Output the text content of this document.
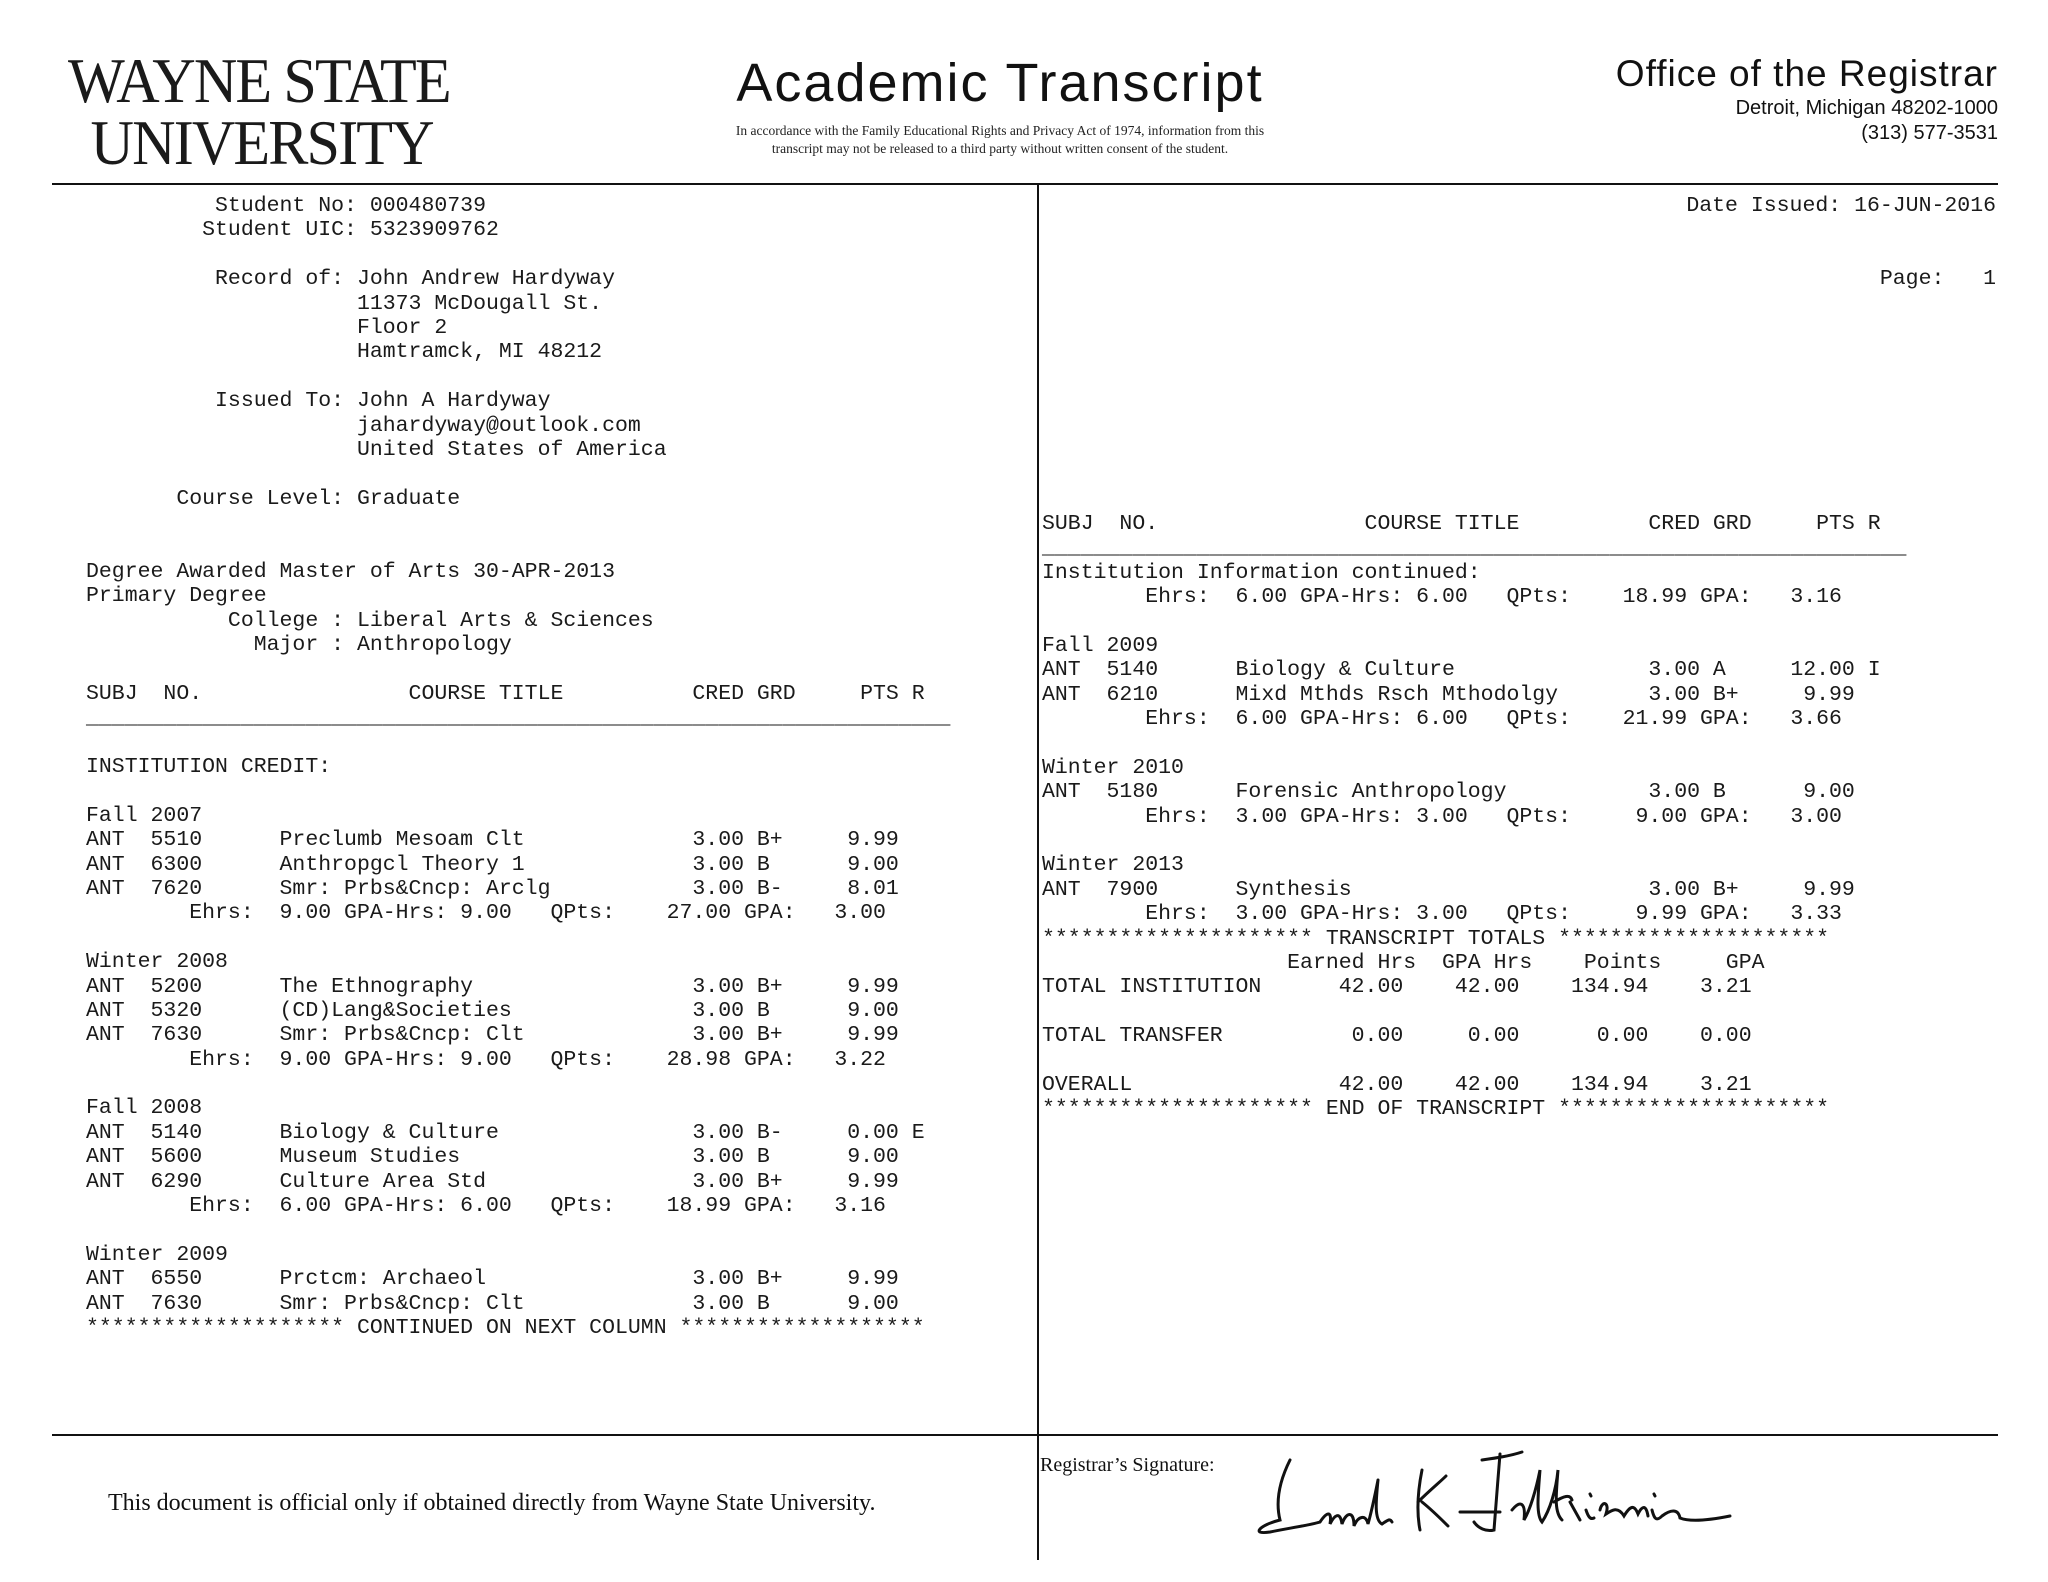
WAYNE STATE
UNIVERSITY
Academic Transcript
In accordance with the Family Educational Rights and Privacy Act of 1974, information from this
transcript may not be released to a third party without written consent of the student.
Office of the Registrar
Detroit, Michigan 48202-1000
(313) 577-3531
Student No: 000480739
Student UIC: 5323909762
Record of: John Andrew Hardyway
11373 McDougall St.
Floor 2
Hamtramck, MI 48212
Issued To: John A Hardyway
jahardyway@outlook.com
United States of America
Course Level: Graduate
Degree Awarded Master of Arts 30-APR-2013
Primary Degree
College : Liberal Arts & Sciences
Major : Anthropology
SUBJ  NO.                COURSE TITLE          CRED GRD     PTS R
___________________________________________________________________
INSTITUTION CREDIT:
Fall 2007
ANT  5510      Preclumb Mesoam Clt             3.00 B+     9.99
ANT  6300      Anthropgcl Theory 1             3.00 B      9.00
ANT  7620      Smr: Prbs&Cncp: Arclg           3.00 B-     8.01
Ehrs:  9.00 GPA-Hrs: 9.00   QPts:    27.00 GPA:   3.00
Winter 2008
ANT  5200      The Ethnography                 3.00 B+     9.99
ANT  5320      (CD)Lang&Societies              3.00 B      9.00
ANT  7630      Smr: Prbs&Cncp: Clt             3.00 B+     9.99
Ehrs:  9.00 GPA-Hrs: 9.00   QPts:    28.98 GPA:   3.22
Fall 2008
ANT  5140      Biology & Culture               3.00 B-     0.00 E
ANT  5600      Museum Studies                  3.00 B      9.00
ANT  6290      Culture Area Std                3.00 B+     9.99
Ehrs:  6.00 GPA-Hrs: 6.00   QPts:    18.99 GPA:   3.16
Winter 2009
ANT  6550      Prctcm: Archaeol                3.00 B+     9.99
ANT  7630      Smr: Prbs&Cncp: Clt             3.00 B      9.00
******************** CONTINUED ON NEXT COLUMN *******************
Date Issued: 16-JUN-2016
Page:   1
SUBJ  NO.                COURSE TITLE          CRED GRD     PTS R
___________________________________________________________________
Institution Information continued:
Ehrs:  6.00 GPA-Hrs: 6.00   QPts:    18.99 GPA:   3.16
Fall 2009
ANT  5140      Biology & Culture               3.00 A     12.00 I
ANT  6210      Mixd Mthds Rsch Mthodolgy       3.00 B+     9.99
Ehrs:  6.00 GPA-Hrs: 6.00   QPts:    21.99 GPA:   3.66
Winter 2010
ANT  5180      Forensic Anthropology           3.00 B      9.00
Ehrs:  3.00 GPA-Hrs: 3.00   QPts:     9.00 GPA:   3.00
Winter 2013
ANT  7900      Synthesis                       3.00 B+     9.99
Ehrs:  3.00 GPA-Hrs: 3.00   QPts:     9.99 GPA:   3.33
********************* TRANSCRIPT TOTALS *********************
Earned Hrs  GPA Hrs    Points     GPA
TOTAL INSTITUTION      42.00    42.00    134.94    3.21
TOTAL TRANSFER          0.00     0.00      0.00    0.00
OVERALL                42.00    42.00    134.94    3.21
********************* END OF TRANSCRIPT *********************
This document is official only if obtained directly from Wayne State University.
Registrar’s Signature:
